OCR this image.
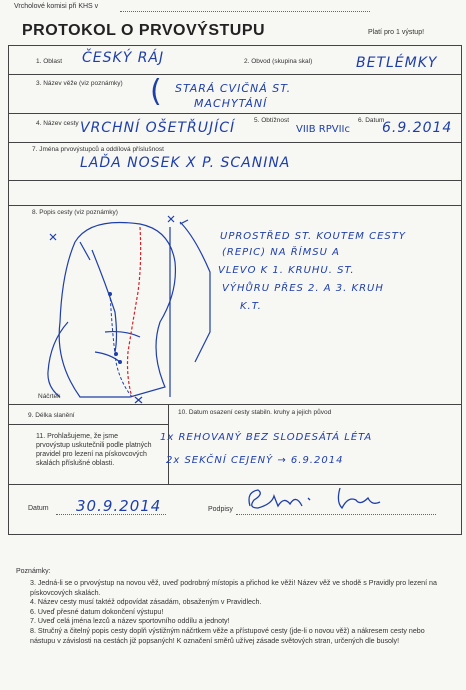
Vrcholové komisi při KHS v
PROTOKOL O PRVOVÝSTUPU	Platí pro 1 výstup!
1. Oblast ČESKÝ RÁJ	2. Obvod (skupina skal)	BETLÉMKY
3. Název věže (viz poznámky) ( STARÁ CVIČNÁ ST.
MACHYTÁNÍ
4. Název cesty VRCHNÍ OŠETŘUJÍCÍ	5. Obtížnost
VIIB RPVIIc
6. Datum
6.9.2014
7. Jména prvovýstupců a oddílová příslušnost
LAĎA NOSEK X P. SCANINA
8. Popis cesty (viz poznámky)
UPROSTŘED ST. KOUTEM CESTY
(REPIC) NA ŘÍMSU A
VLEVO K 1. KRUHU. ST.
VÝHŮRU PŘES 2. A 3. KRUH
K.T.
Náčrtek
9. Délka slanění	10. Datum osazení cesty stabiln. kruhy a jejich původ
1x REHOVANÝ BEZ SLODESÁTÁ LÉTA
2x SEKČNÍ CEJENÝ → 6.9.2014
11. Prohlašujeme, že jsme prvovýstup uskutečnili podle platných pravidel pro lezení na pískovcových skalách příslušné oblasti.
Datum 30.9.2014	Podpisy
Poznámky:
3. Jedná-li se o prvovýstup na novou věž, uveď podrobný místopis a přichod ke věži! Název věž ve shodě s Pravidly pro lezení na pískovcových skalách.
4. Název cesty musí taktéž odpovídat zásadám, obsaženým v Pravidlech.
6. Uveď přesné datum dokončení výstupu!
7. Uveď celá jména lezců a název sportovního oddílu a jednoty!
8. Stručný a čitelný popis cesty doplň výstižným náčrtkem věže a přístupové cesty (jde-li o novou věž) a nákresem cesty nebo nástupu v závislosti na cestách již popsaných! K označení směrů užívej zásade světových stran, určených dle busoly!
